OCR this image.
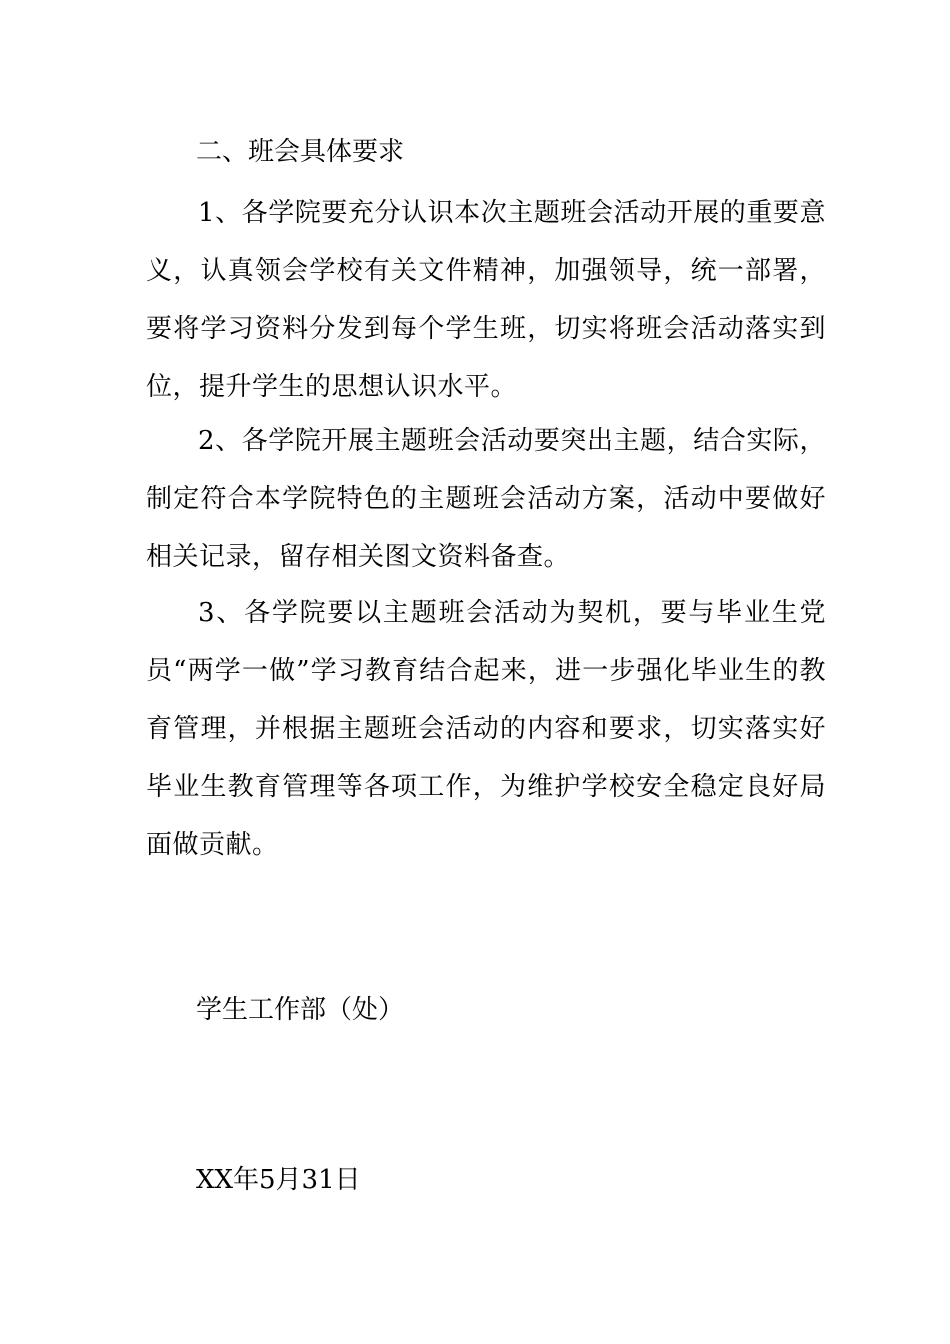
二、班会具体要求

1、各学院要充分认识本次主题班会活动开展的重要意义，认真领会学校有关文件精神，加强领导，统一部署，要将学习资料分发到每个学生班，切实将班会活动落实到位，提升学生的思想认识水平。

2、各学院开展主题班会活动要突出主题，结合实际，制定符合本学院特色的主题班会活动方案，活动中要做好相关记录，留存相关图文资料备查。

3、各学院要以主题班会活动为契机，要与毕业生党员“两学一做”学习教育结合起来，进一步强化毕业生的教育管理，并根据主题班会活动的内容和要求，切实落实好毕业生教育管理等各项工作，为维护学校安全稳定良好局面做贡献。

学生工作部（处）
XX年5月31日
